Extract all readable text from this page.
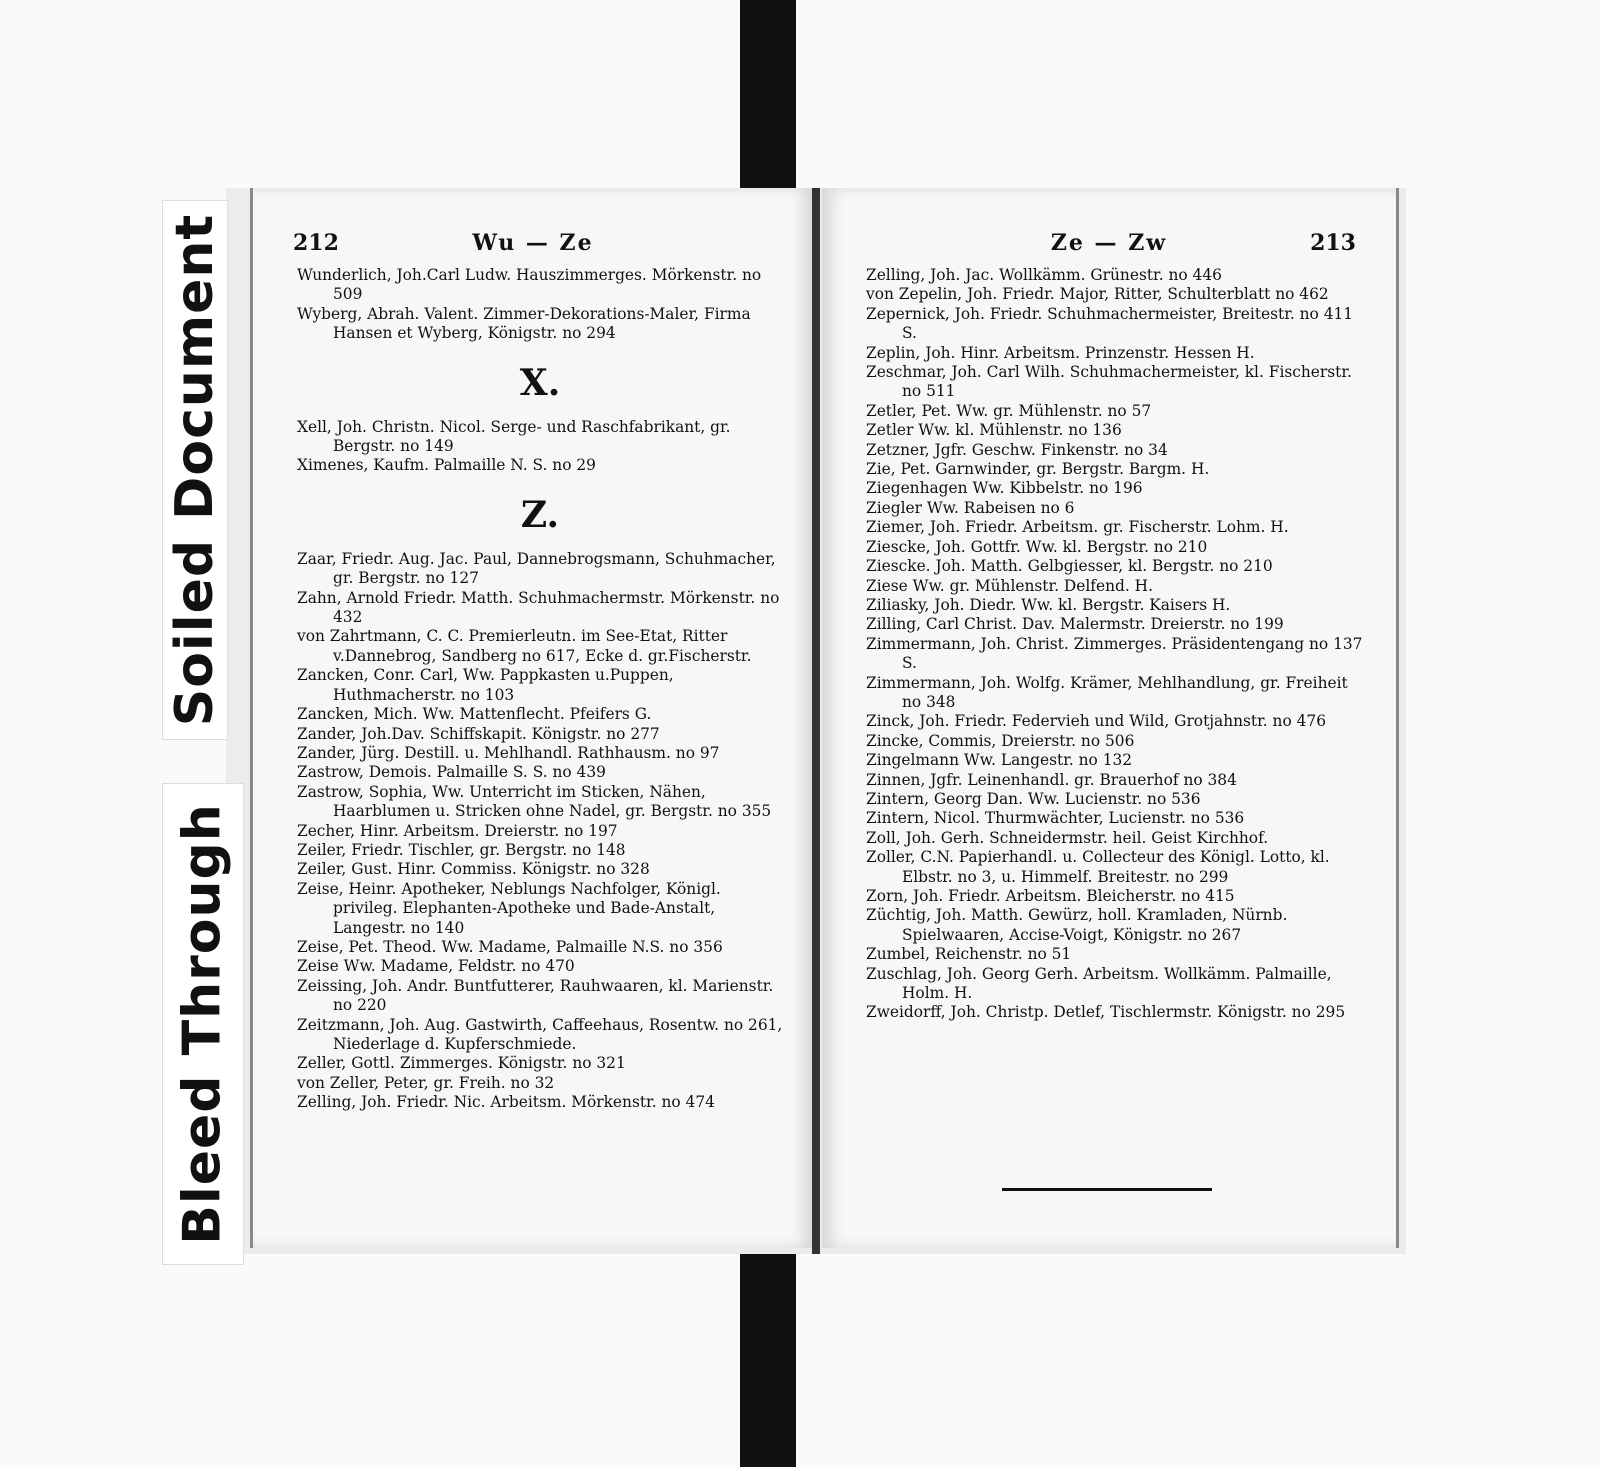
212	Wu — Ze

Wunderlich, Joh.Carl Ludw. Hauszimmerges. Mörkenstr. no 509

Wyberg, Abrah. Valent. Zimmer-Dekorations-Maler, Firma Hansen et Wyberg, Königstr. no 294

X.

Xell, Joh. Christn. Nicol. Serge- und Raschfabrikant, gr. Bergstr. no 149

Ximenes, Kaufm. Palmaille N. S. no 29

Z.

Zaar, Friedr. Aug. Jac. Paul, Dannebrogsmann, Schuhmacher, gr. Bergstr. no 127

Zahn, Arnold Friedr. Matth. Schuhmachermstr. Mörkenstr. no 432

von Zahrtmann, C. C. Premierleutn. im See-Etat, Ritter v.Dannebrog, Sandberg no 617, Ecke d. gr.Fischerstr.

Zancken, Conr. Carl, Ww. Pappkasten u.Puppen, Huthmacherstr. no 103

Zancken, Mich. Ww. Mattenflecht. Pfeifers G.

Zander, Joh.Dav. Schiffskapit. Königstr. no 277

Zander, Jürg. Destill. u. Mehlhandl. Rathhausm. no 97

Zastrow, Demois. Palmaille S. S. no 439

Zastrow, Sophia, Ww. Unterricht im Sticken, Nähen, Haarblumen u. Stricken ohne Nadel, gr. Bergstr. no 355

Zecher, Hinr. Arbeitsm. Dreierstr. no 197

Zeiler, Friedr. Tischler, gr. Bergstr. no 148

Zeiler, Gust. Hinr. Commiss. Königstr. no 328

Zeise, Heinr. Apotheker, Neblungs Nachfolger, Königl. privileg. Elephanten-Apotheke und Bade-Anstalt, Langestr. no 140

Zeise, Pet. Theod. Ww. Madame, Palmaille N.S. no 356

Zeise Ww. Madame, Feldstr. no 470

Zeissing, Joh. Andr. Buntfutterer, Rauhwaaren, kl. Marienstr. no 220

Zeitzmann, Joh. Aug. Gastwirth, Caffeehaus, Rosentw. no 261, Niederlage d. Kupferschmiede.

Zeller, Gottl. Zimmerges. Königstr. no 321

von Zeller, Peter, gr. Freih. no 32

Zelling, Joh. Friedr. Nic. Arbeitsm. Mörkenstr. no 474

Ze — Zw	213

Zelling, Joh. Jac. Wollkämm. Grünestr. no 446

von Zepelin, Joh. Friedr. Major, Ritter, Schulterblatt no 462

Zepernick, Joh. Friedr. Schuhmachermeister, Breitestr. no 411 S.

Zeplin, Joh. Hinr. Arbeitsm. Prinzenstr. Hessen H.

Zeschmar, Joh. Carl Wilh. Schuhmachermeister, kl. Fischerstr. no 511

Zetler, Pet. Ww. gr. Mühlenstr. no 57

Zetler Ww. kl. Mühlenstr. no 136

Zetzner, Jgfr. Geschw. Finkenstr. no 34

Zie, Pet. Garnwinder, gr. Bergstr. Bargm. H.

Ziegenhagen Ww. Kibbelstr. no 196

Ziegler Ww. Rabeisen no 6

Ziemer, Joh. Friedr. Arbeitsm. gr. Fischerstr. Lohm. H.

Ziescke, Joh. Gottfr. Ww. kl. Bergstr. no 210

Ziescke. Joh. Matth. Gelbgiesser, kl. Bergstr. no 210

Ziese Ww. gr. Mühlenstr. Delfend. H.

Ziliasky, Joh. Diedr. Ww. kl. Bergstr. Kaisers H.

Zilling, Carl Christ. Dav. Malermstr. Dreierstr. no 199

Zimmermann, Joh. Christ. Zimmerges. Präsidentengang no 137 S.

Zimmermann, Joh. Wolfg. Krämer, Mehlhandlung, gr. Freiheit no 348

Zinck, Joh. Friedr. Federvieh und Wild, Grotjahnstr. no 476

Zincke, Commis, Dreierstr. no 506

Zingelmann Ww. Langestr. no 132

Zinnen, Jgfr. Leinenhandl. gr. Brauerhof no 384

Zintern, Georg Dan. Ww. Lucienstr. no 536

Zintern, Nicol. Thurmwächter, Lucienstr. no 536

Zoll, Joh. Gerh. Schneidermstr. heil. Geist Kirchhof.

Zoller, C.N. Papierhandl. u. Collecteur des Königl. Lotto, kl. Elbstr. no 3, u. Himmelf. Breitestr. no 299

Zorn, Joh. Friedr. Arbeitsm. Bleicherstr. no 415

Züchtig, Joh. Matth. Gewürz, holl. Kramladen, Nürnb. Spielwaaren, Accise-Voigt, Königstr. no 267

Zumbel, Reichenstr. no 51

Zuschlag, Joh. Georg Gerh. Arbeitsm. Wollkämm. Palmaille, Holm. H.

Zweidorff, Joh. Christp. Detlef, Tischlermstr. Königstr. no 295

Soiled Document
Bleed Through
